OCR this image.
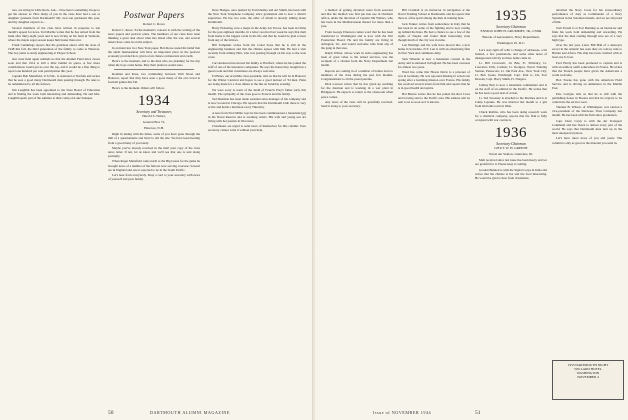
tors, are living in Little Rock, Ark.... Now here's something I hope to get the answer to: How many of you in the class have had a son or daughter graduate from Dartmouth? My own son graduated this year, and my daughter expects to...

Several members of the class have written in response to last month's appeal for news. Ted Marble writes that he has retired from the bank after thirty-eight years and is now living on his farm in Vermont, where the maple sugar season keeps him busier than ever.

Frank Cummings reports that his grandson enters with the class of 1948 this fall, the third generation of the family to come to Hanover. The boy plans to study engineering at Thayer School.

Our class fund agent reminds us that the Alumni Fund drive closes soon and that 1914 is still a little behind its quota. A few more contributions would put us over the top, and it would be a fine thing to report one hundred per cent participation this year.

Captain Bob Mansfield, U.S.N.R., is stationed at Norfolk and writes that he sees a good many Dartmouth men passing through. He asks to be remembered to all the fellows.

Jim Laughlin has been appointed to the State Board of Education and is finding the work both interesting and demanding. He and Mrs. Laughlin spent part of the summer at their camp on Lake Sunapee.

Postwar Papers
Robert C. Rowe

Robert C. Rowe '34 the moment's concern is with the writing of the news papers and postwar plans. The members of our class have been thinking a great deal about what lies ahead after the war, and several letters have come in on the subject.

In an interview in a New York paper, Bob Rowe stated his belief that the small businessman will have an important place in the postwar economy provided he is given a fair chance at materials and credit.

Here's to the moment, and to the men who are planning for the day when the boys come home. May their plans be sound ones.

Rodman and Rose, two commuting between Wall Street and Hanover, report that they have seen a good many of the old crowd at football games this fall.

Here's to the moment. Others will follow.

1934
Secretary and Treasurer,
Harold S. Weber,
General Box 72,
Hanover, N.H.

Right in tuning with the times, some of you have gone through the mill of a questionnaire and lived to tell the tale. We have been hearing from a good many of you lately.

Maybe you've already received in the mail your copy of the class news letter. If not, let us know and we'll see that one is sent along promptly.

When Roger Mansfield came north to the Big Green for the game he brought news of a number of the fellows now serving overseas. Several are in England and one is reported to be in the South Pacific.

Let's hear from everybody. Drop a card to your secretary with news of yourself and your family.

Dave Hodges, once pushed by Tom Dudley and Art Smith, has been with the New York Telephone Company since graduation and is now a district supervisor. He has two sons, the older of whom is already talking about Dartmouth.

Harry Pickering, now a major in the Army Air Forces, has been in China for the past eighteen months. In a letter received last week he says that mail from home is the biggest event in his life and that he would be glad to hear from any of the fellows.

Bill Tompkins writes from the Canal Zone that he is still in the engineering business and that the climate agrees with him. He had a visit recently from Johnny Hart, who was passing through on his way to the west coast.

Carl Anderson has moved his family to Hartford, where he has joined the staff of one of the insurance companies. He says the house they bought has a guest room and that classmates are always welcome.

Ed Bates, our erstwhile class president, tells us that he will be in Hanover for the Winter Carnival and hopes to see a good turnout of '34 men. Plans are being made for a class dinner at the Inn on Saturday evening.

We were sorry to learn of the death of Francis Pray's father early this month. The sympathy of the class goes to Francis and his family.

Ted Sherman has been made assistant sales manager of his company and is now located in Chicago. He reports that the Dartmouth Club there is very active and holds a luncheon every Thursday.

A note from Fred Miller says he has been commissioned a lieutenant (jg) in the Naval Reserve and is awaiting orders. His wife and young son are living with her parents in Worcester.

Classmates are urged to send news of themselves for this column. Your secretary cannot write it without your help.

50	DARTMOUTH ALUMNI MAGAZINE

a method of getting dictation water from seawater and that the method was first put into use in Northern Africa, under the direction of Captain Jim Walters, who has been in the Mediterranean theater for more than a year.

From George Emerson comes word that he has been transferred to Washington and is now with the War Production Board. He and his family are living in Arlington, Va., and would welcome calls from any of the gang in that area.

Ralph Winter, whose work in radio engineering has been of great value to the armed services, was the recipient of a citation from the Navy Department last month.

Reports are coming in of a number of babies born to members of the class during the past few months. Congratulations to all the proud parents.

Dick Lawson writes that he has given up teaching for the duration and is working in a war plant in Bridgeport. He expects to return to the classroom when peace comes.

Any news of the class will be gratefully received. Send it along to your secretary.

Bill Crandall is an instructor in navigation at the Naval Training School at Dartmouth, and he reports that there is a fine spirit among the men in training here.

Jack Fenner writes from somewhere in Italy that he has been in on some of the fighting and is now resting up behind the lines. He had a chance to see a few of the sights of Naples and found them interesting even though much of the city was in ruins.

Len Hastings and his wife have moved into a new home in Scarsdale, N.Y. Len is with an advertising firm in New York and commutes daily.

Sam Wheeler is now a lieutenant colonel in the Army and is stationed in England. He has been overseas for almost two years.

Word has come that Howie Davis is a prisoner of war in Germany. He was reported missing in action last spring after a bombing mission over France. His family has received several letters from him and reports that he is in good health and spirits.

Hal Barnes writes that he has joined the Red Cross and is being sent to the Pacific area. His address will be sent to us as soon as it is known.

1935
Secretary-Chairman
ENSIGN JOHN H. GRUMMET, JR., USNR
Bureau of Aeronautics, Navy Department,
Washington 25, D.C.

Let's start right off with a change of addresses, a bit belated, a few promotions, and some other notes of unsupported activity as these items came in.

Lt. Bill Crosswell, 1st Bde, Ft. Pillsbury; Lt. Lawrence Ellis, Carlisle; Lt. Rodgers, Naval Training Station, Pensacola; Lt. Jim Park Ave., New York City; Lt. Bob Lyons, Pittsburgh; Capt. Paul G. Dz, Fort Devens; Capt. Harry Smith, Ft. Niagara.

Johnny Barr is now a lieutenant commander and is on the staff of an admiral in the Pacific. He writes that he has seen a good deal of action.

Lt. Ted Sweeney is attached to the Marines and is at Camp Lejeune. He was married last month to a girl from his home town in Ohio.

Chuck Rollins, who has been doing research work for a chemical company, reports that the firm is fully occupied with war contracts.

1936
Secretary-Chairman
LIEUT. W. H. GREENE
Naval Air Station, Glenview, Ill.

Mail received since last issue has been heavy and we are grateful for it. Please keep it coming.

Gordon Bennett is with the Signal Corps in India and writes that the climate is hot and the food interesting. He would be glad to hear from classmates.

unveiled the Navy Cross for his extraordinary performance of duty as Commander of a Navy Squadron in the Solomon Islands, and we are all proud of him.

Tom Farrell is at Fort Benning as an instructor and finds his work both demanding and rewarding. He says that the men coming through now are of a very high type.

Over the last year, Lieut. Bill Hall of a destroyer escort in the Atlantic has seen duty on convoy runs to Britain and Africa. His ship has been credited with at least one U-boat.

Ferd Hardy has been promoted to captain and is with an artillery outfit somewhere in France. He writes that the French people have given the Americans a warm welcome.

Bob Towne has gone with the American Field Service and is driving an ambulance in the Middle East.

Pete Lavigne tells us that he is still with the publishing house in Boston and that he expects to be called into the service soon.

Thomas B. Wilson, of Wilmington, was elected a vice-president of the Delaware Trust Company last month. He has been with the firm since graduation.

Capt. Dave Carey is with the Air Transport Command and has flown to almost every part of the world. He says that Dartmouth men turn up in the most unexpected places.

Let's have more news of you and yours. The column is only as good as the material you send in.

1935 DARTMOUTH NIGHT
WILLARD HOTEL
WASHINGTON
NOVEMBER 4
Issue of NOVEMBER 1944	51
